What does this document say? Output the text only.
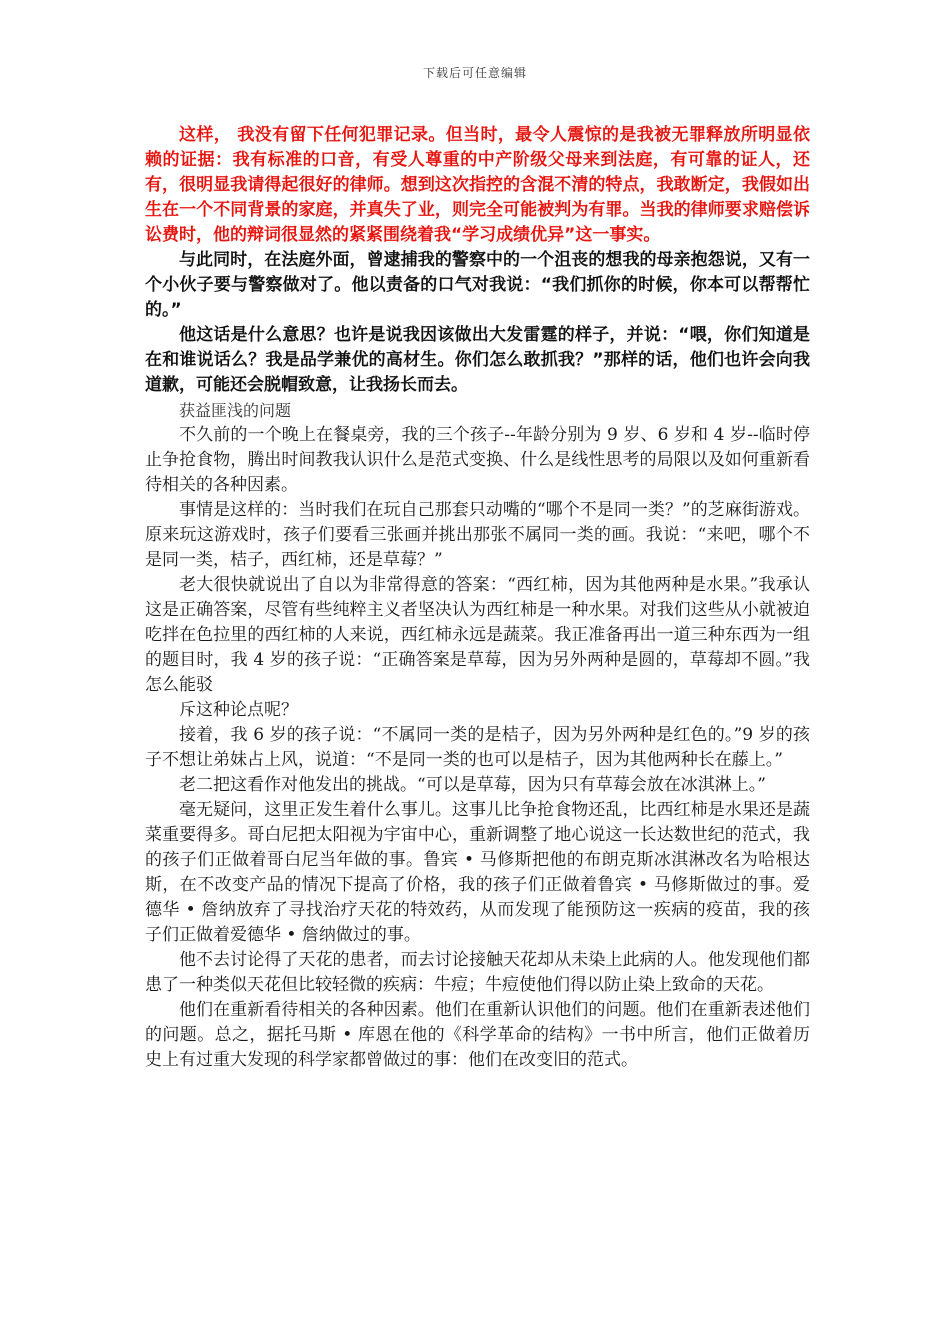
下载后可任意编辑

这样， 我没有留下任何犯罪记录。但当时，最令人震惊的是我被无罪释放所明显依赖的证据：我有标准的口音，有受人尊重的中产阶级父母来到法庭，有可靠的证人，还有，很明显我请得起很好的律师。想到这次指控的含混不清的特点，我敢断定，我假如出生在一个不同背景的家庭，并真失了业，则完全可能被判为有罪。当我的律师要求赔偿诉讼费时，他的辩词很显然的紧紧围绕着我“学习成绩优异”这一事实。

与此同时，在法庭外面，曾逮捕我的警察中的一个沮丧的想我的母亲抱怨说，又有一个小伙子要与警察做对了。他以责备的口气对我说：“我们抓你的时候，你本可以帮帮忙的。”

他这话是什么意思？也许是说我因该做出大发雷霆的样子，并说：“喂，你们知道是在和谁说话么？我是品学兼优的高材生。你们怎么敢抓我？”那样的话，他们也许会向我道歉，可能还会脱帽致意，让我扬长而去。

获益匪浅的问题

不久前的一个晚上在餐桌旁，我的三个孩子--年龄分别为 9 岁、6 岁和 4 岁--临时停止争抢食物，腾出时间教我认识什么是范式变换、什么是线性思考的局限以及如何重新看待相关的各种因素。

事情是这样的：当时我们在玩自己那套只动嘴的“哪个不是同一类？”的芝麻街游戏。原来玩这游戏时，孩子们要看三张画并挑出那张不属同一类的画。我说：“来吧，哪个不是同一类，桔子，西红柿，还是草莓？”

老大很快就说出了自以为非常得意的答案：“西红柿，因为其他两种是水果。”我承认这是正确答案，尽管有些纯粹主义者坚决认为西红柿是一种水果。对我们这些从小就被迫吃拌在色拉里的西红柿的人来说，西红柿永远是蔬菜。我正准备再出一道三种东西为一组的题目时，我 4 岁的孩子说：“正确答案是草莓，因为另外两种是圆的，草莓却不圆。”我怎么能驳

斥这种论点呢？

接着，我 6 岁的孩子说：“不属同一类的是桔子，因为另外两种是红色的。”9 岁的孩子不想让弟妹占上风，说道：“不是同一类的也可以是桔子，因为其他两种长在藤上。”

老二把这看作对他发出的挑战。“可以是草莓，因为只有草莓会放在冰淇淋上。”

毫无疑问，这里正发生着什么事儿。这事儿比争抢食物还乱，比西红柿是水果还是蔬菜重要得多。哥白尼把太阳视为宇宙中心，重新调整了地心说这一长达数世纪的范式，我的孩子们正做着哥白尼当年做的事。鲁宾 • 马修斯把他的布朗克斯冰淇淋改名为哈根达斯，在不改变产品的情况下提高了价格，我的孩子们正做着鲁宾 • 马修斯做过的事。爱德华 • 詹纳放弃了寻找治疗天花的特效药，从而发现了能预防这一疾病的疫苗，我的孩子们正做着爱德华 • 詹纳做过的事。

他不去讨论得了天花的患者，而去讨论接触天花却从未染上此病的人。他发现他们都患了一种类似天花但比较轻微的疾病：牛痘；牛痘使他们得以防止染上致命的天花。

他们在重新看待相关的各种因素。他们在重新认识他们的问题。他们在重新表述他们的问题。总之，据托马斯 • 库恩在他的《科学革命的结构》一书中所言，他们正做着历史上有过重大发现的科学家都曾做过的事：他们在改变旧的范式。
